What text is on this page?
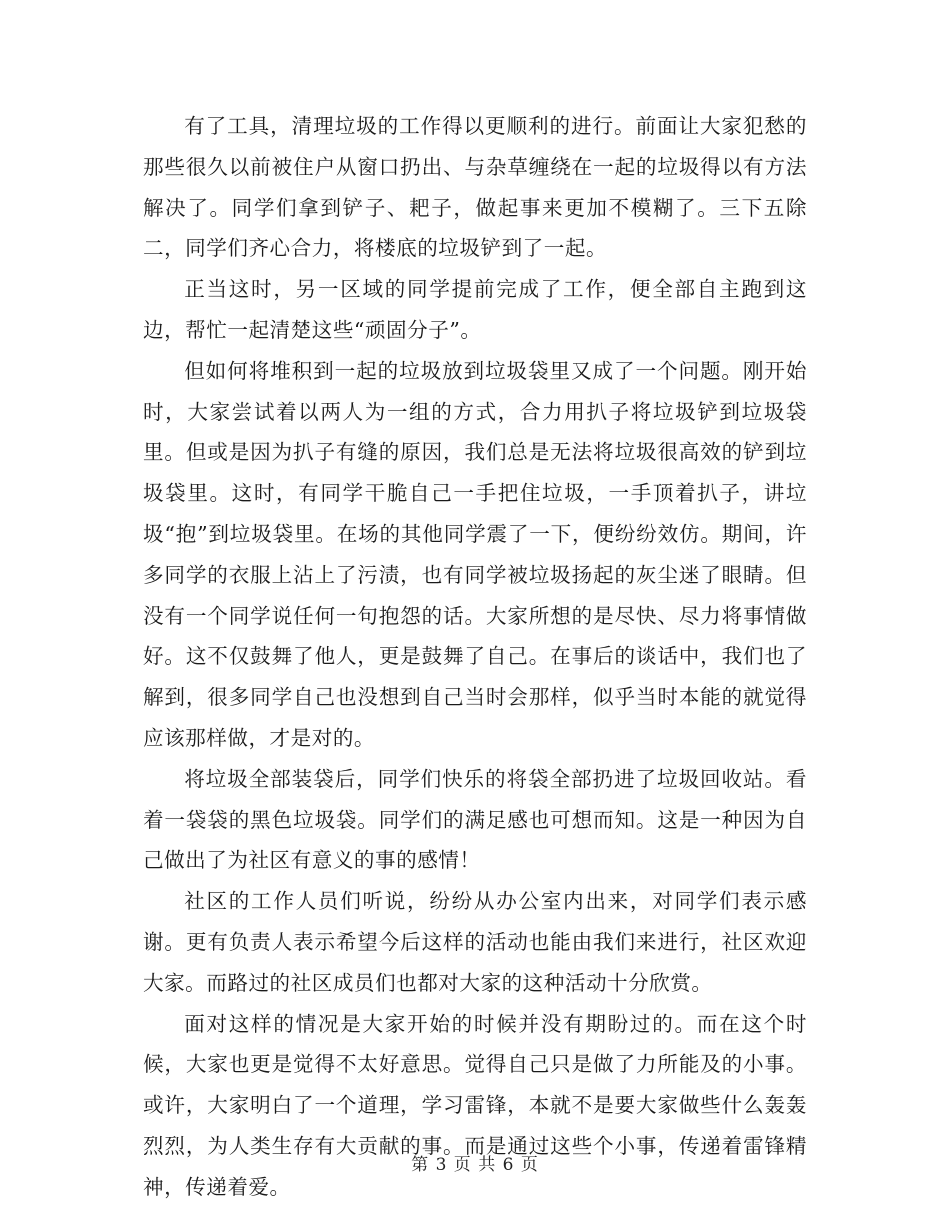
有了工具，清理垃圾的工作得以更顺利的进行。前面让大家犯愁的那些很久以前被住户从窗口扔出、与杂草缠绕在一起的垃圾得以有方法解决了。同学们拿到铲子、耙子，做起事来更加不模糊了。三下五除二，同学们齐心合力，将楼底的垃圾铲到了一起。

正当这时，另一区域的同学提前完成了工作，便全部自主跑到这边，帮忙一起清楚这些“顽固分子”。

但如何将堆积到一起的垃圾放到垃圾袋里又成了一个问题。刚开始时，大家尝试着以两人为一组的方式，合力用扒子将垃圾铲到垃圾袋里。但或是因为扒子有缝的原因，我们总是无法将垃圾很高效的铲到垃圾袋里。这时，有同学干脆自己一手把住垃圾，一手顶着扒子，讲垃圾“抱”到垃圾袋里。在场的其他同学震了一下，便纷纷效仿。期间，许多同学的衣服上沾上了污渍，也有同学被垃圾扬起的灰尘迷了眼睛。但没有一个同学说任何一句抱怨的话。大家所想的是尽快、尽力将事情做好。这不仅鼓舞了他人，更是鼓舞了自己。在事后的谈话中，我们也了解到，很多同学自己也没想到自己当时会那样，似乎当时本能的就觉得应该那样做，才是对的。

将垃圾全部装袋后，同学们快乐的将袋全部扔进了垃圾回收站。看着一袋袋的黑色垃圾袋。同学们的满足感也可想而知。这是一种因为自己做出了为社区有意义的事的感情！

社区的工作人员们听说，纷纷从办公室内出来，对同学们表示感谢。更有负责人表示希望今后这样的活动也能由我们来进行，社区欢迎大家。而路过的社区成员们也都对大家的这种活动十分欣赏。

面对这样的情况是大家开始的时候并没有期盼过的。而在这个时候，大家也更是觉得不太好意思。觉得自己只是做了力所能及的小事。或许，大家明白了一个道理，学习雷锋，本就不是要大家做些什么轰轰烈烈，为人类生存有大贡献的事。而是通过这些个小事，传递着雷锋精神，传递着爱。

第 3 页 共 6 页
